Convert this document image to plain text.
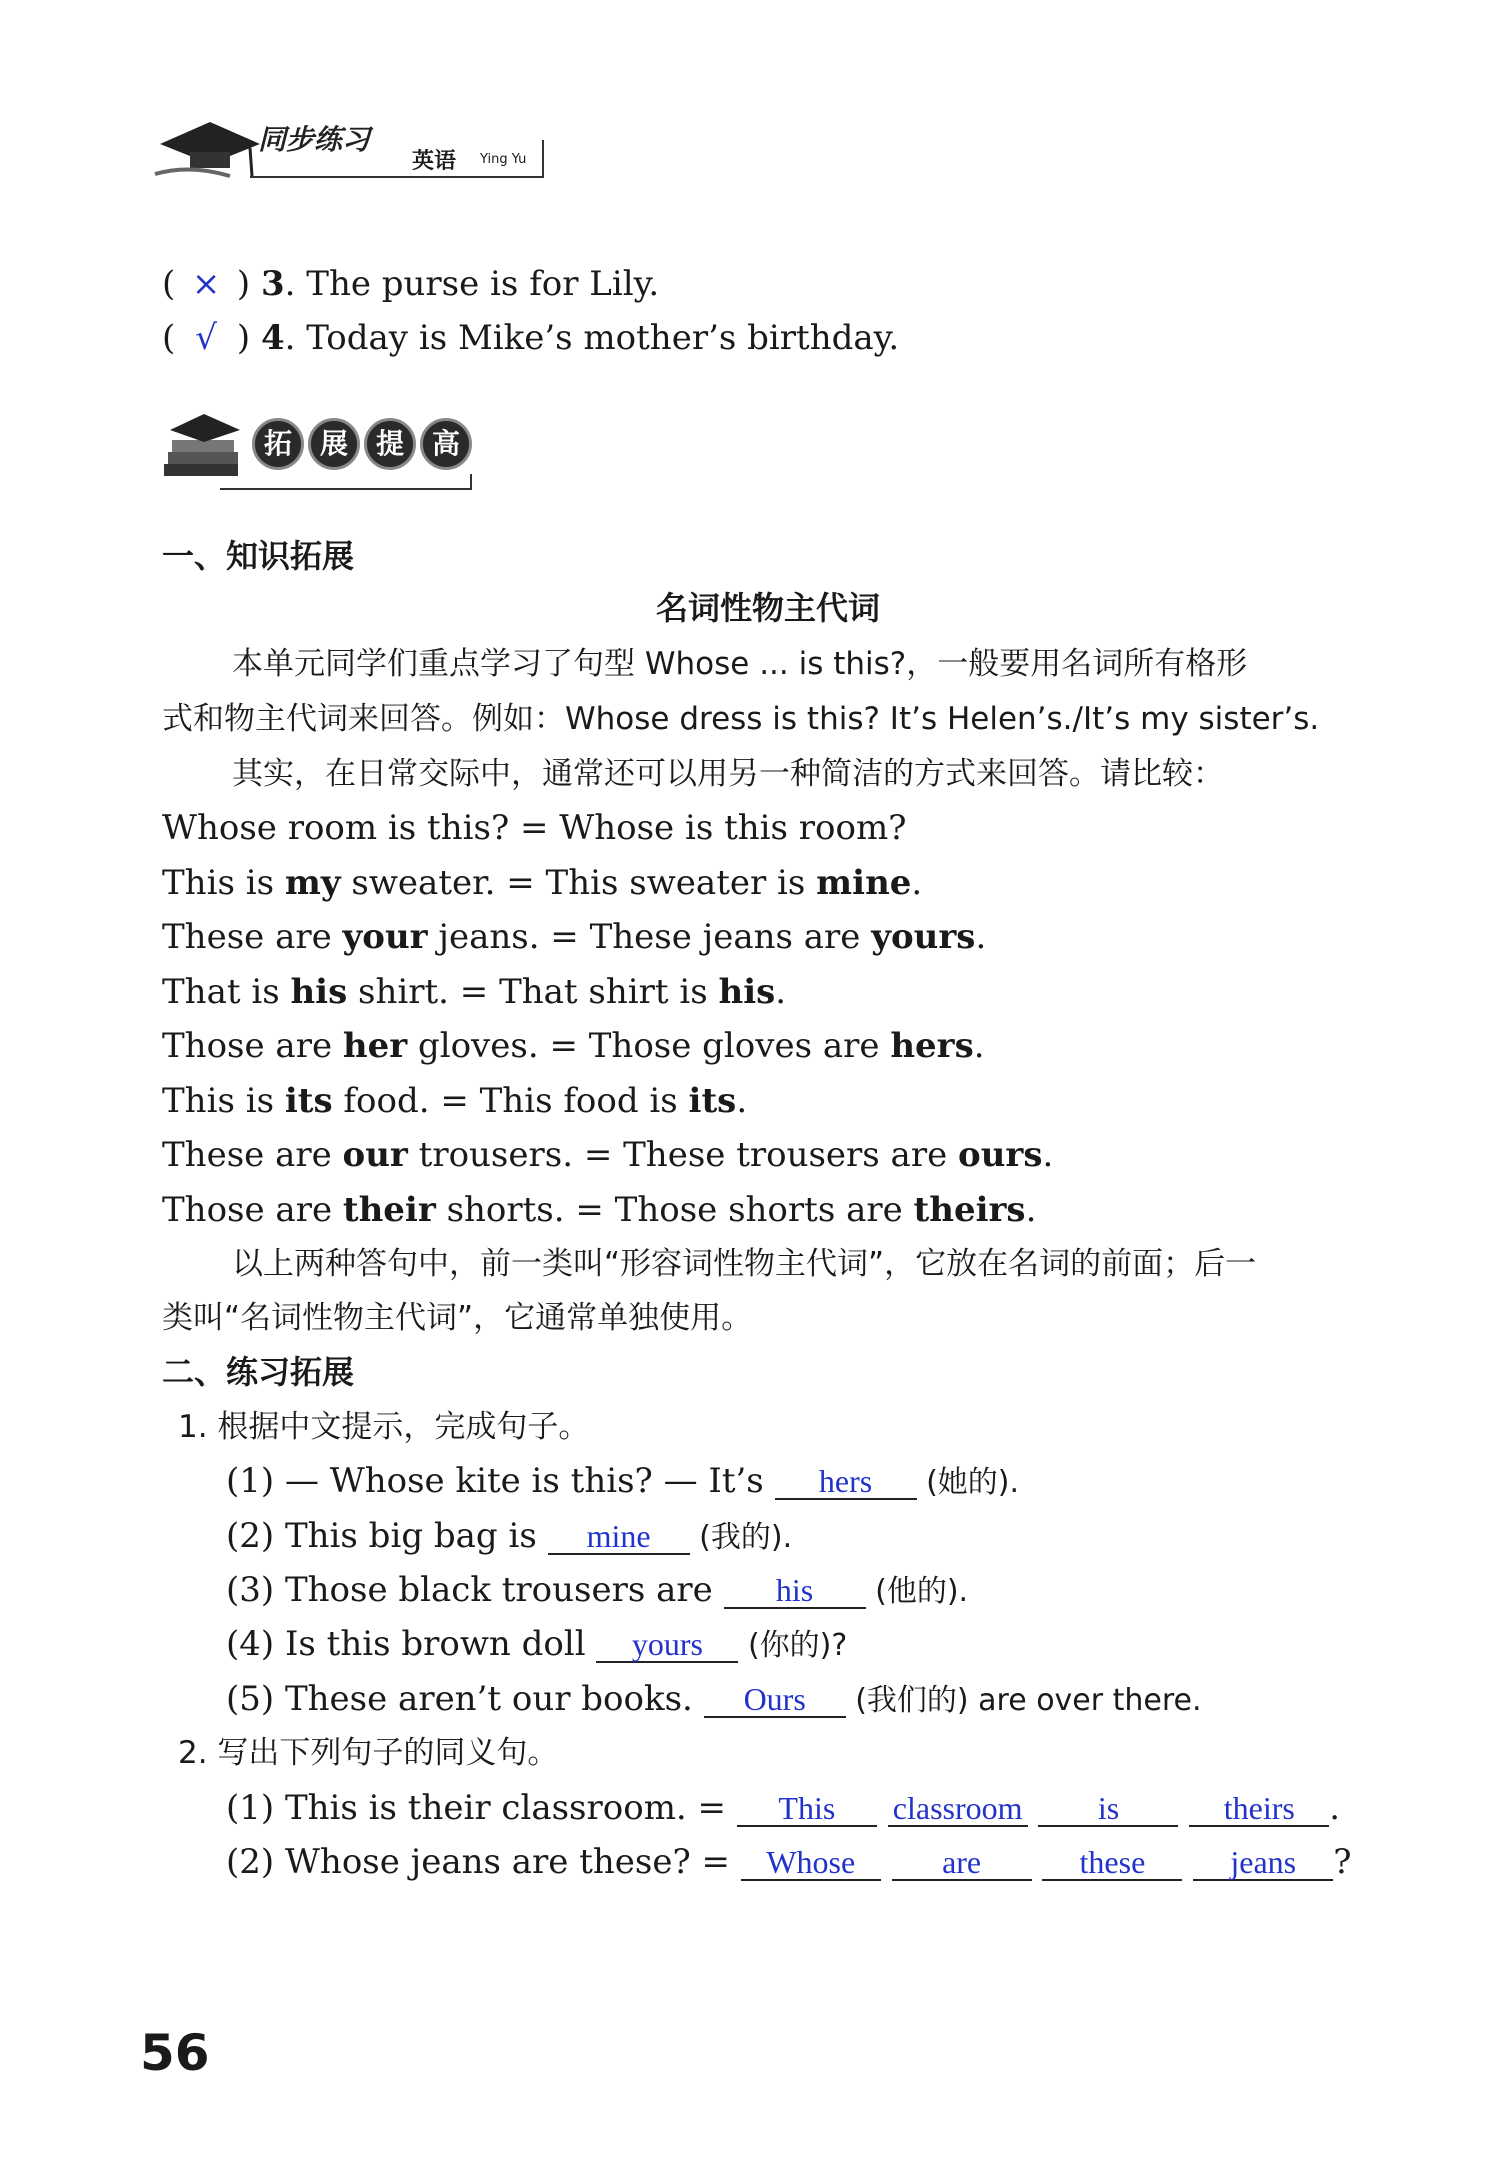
同步练习
英语 Ying Yu
( × ) 3. The purse is for Lily.
( √ ) 4. Today is Mike’s mother’s birthday.
拓 展 提 高
一、知识拓展
名词性物主代词
本单元同学们重点学习了句型 Whose ... is this?，一般要用名词所有格形
式和物主代词来回答。例如：Whose dress is this? It’s Helen’s./It’s my sister’s.
其实，在日常交际中，通常还可以用另一种简洁的方式来回答。请比较：
Whose room is this? = Whose is this room?
This is my sweater. = This sweater is mine.
These are your jeans. = These jeans are yours.
That is his shirt. = That shirt is his.
Those are her gloves. = Those gloves are hers.
This is its food. = This food is its.
These are our trousers. = These trousers are ours.
Those are their shorts. = Those shorts are theirs.
以上两种答句中，前一类叫“形容词性物主代词”，它放在名词的前面；后一
类叫“名词性物主代词”，它通常单独使用。
二、练习拓展
1. 根据中文提示，完成句子。
(1) — Whose kite is this? — It’s hers (她的).
(2) This big bag is mine (我的).
(3) Those black trousers are his (他的).
(4) Is this brown doll yours (你的)?
(5) These aren’t our books. Ours (我们的) are over there.
2. 写出下列句子的同义句。
(1) This is their classroom. = This classroom is	theirs .
(2) Whose jeans are these? = Whose	are	these	jeans ?
56
